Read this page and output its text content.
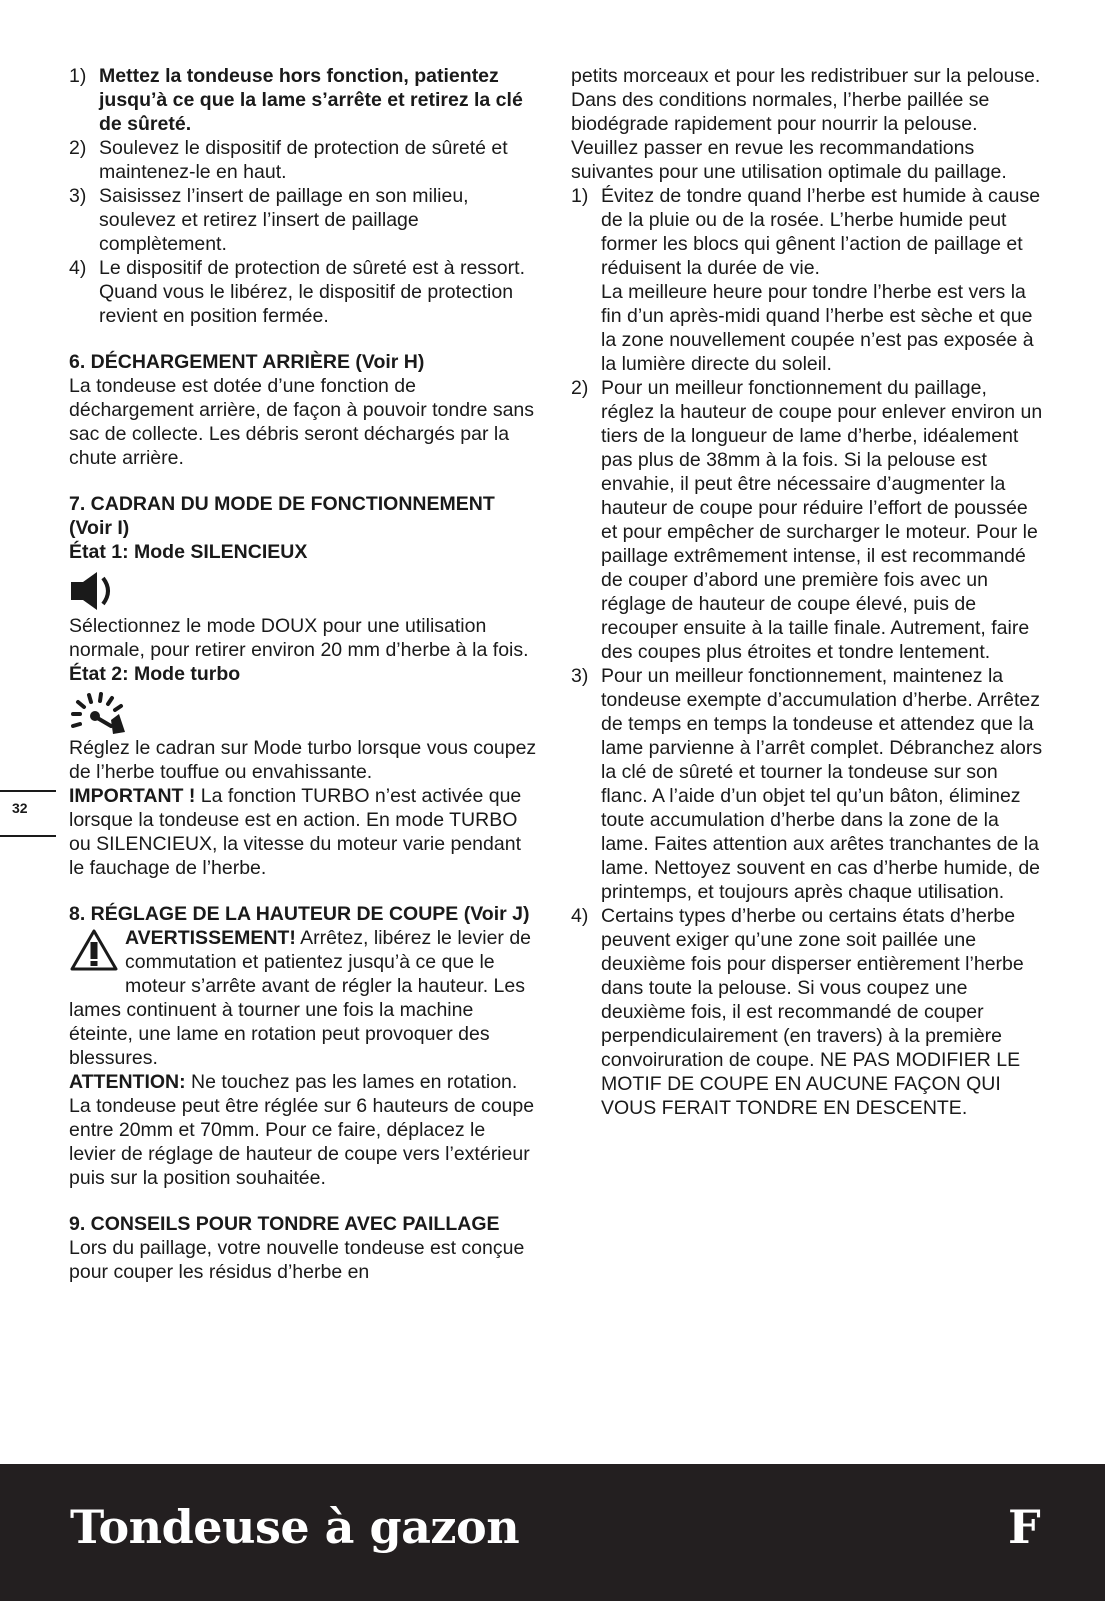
1) Mettez la tondeuse hors fonction, patientez jusqu’à ce que la lame s’arrête et retirez la clé de sûreté.
2) Soulevez le dispositif de protection de sûreté et maintenez-le en haut.
3) Saisissez l’insert de paillage en son milieu, soulevez et retirez l’insert de paillage complètement.
4) Le dispositif de protection de sûreté est à ressort. Quand vous le libérez, le dispositif de protection revient en position fermée.
6. DÉCHARGEMENT ARRIÈRE (Voir H)

La tondeuse est dotée d’une fonction de déchargement arrière, de façon à pouvoir tondre sans sac de collecte. Les débris seront déchargés par la chute arrière.

7. CADRAN DU MODE DE FONCTIONNEMENT (Voir I)
État 1: Mode SILENCIEUX

Sélectionnez le mode DOUX pour une utilisation normale, pour retirer environ 20 mm d’herbe à la fois.

État 2: Mode turbo

Réglez le cadran sur Mode turbo lorsque vous coupez de l’herbe touffue ou envahissante.

IMPORTANT ! La fonction TURBO n’est activée que lorsque la tondeuse est en action. En mode TURBO ou SILENCIEUX, la vitesse du moteur varie pendant le fauchage de l’herbe.

8. RÉGLAGE DE LA HAUTEUR DE COUPE (Voir J)

AVERTISSEMENT! Arrêtez, libérez le levier de commutation et patientez jusqu’à ce que le moteur s’arrête avant de régler la hauteur. Les lames continuent à tourner une fois la machine éteinte, une lame en rotation peut provoquer des blessures.

ATTENTION: Ne touchez pas les lames en rotation.

La tondeuse peut être réglée sur 6 hauteurs de coupe entre 20mm et 70mm. Pour ce faire, déplacez le levier de réglage de hauteur de coupe vers l’extérieur puis sur la position souhaitée.

9. CONSEILS POUR TONDRE AVEC PAILLAGE

Lors du paillage, votre nouvelle tondeuse est conçue pour couper les résidus d’herbe en

petits morceaux et pour les redistribuer sur la pelouse. Dans des conditions normales, l’herbe paillée se biodégrade rapidement pour nourrir la pelouse.

Veuillez passer en revue les recommandations suivantes pour une utilisation optimale du paillage.

1) Évitez de tondre quand l’herbe est humide à cause de la pluie ou de la rosée. L’herbe humide peut former les blocs qui gênent l’action de paillage et réduisent la durée de vie.
La meilleure heure pour tondre l’herbe est vers la fin d’un après-midi quand l’herbe est sèche et que la zone nouvellement coupée n’est pas exposée à la lumière directe du soleil.
2) Pour un meilleur fonctionnement du paillage, réglez la hauteur de coupe pour enlever environ un tiers de la longueur de lame d’herbe, idéalement pas plus de 38mm à la fois. Si la pelouse est envahie, il peut être nécessaire d’augmenter la hauteur de coupe pour réduire l’effort de poussée et pour empêcher de surcharger le moteur. Pour le paillage extrêmement intense, il est recommandé de couper d’abord une première fois avec un réglage de hauteur de coupe élevé, puis de recouper ensuite à la taille finale. Autrement, faire des coupes plus étroites et tondre lentement.
3) Pour un meilleur fonctionnement, maintenez la tondeuse exempte d’accumulation d’herbe. Arrêtez de temps en temps la tondeuse et attendez que la lame parvienne à l’arrêt complet. Débranchez alors la clé de sûreté et tourner la tondeuse sur son flanc. A l’aide d’un objet tel qu’un bâton, éliminez toute accumulation d’herbe dans la zone de la lame. Faites attention aux arêtes tranchantes de la lame. Nettoyez souvent en cas d’herbe humide, de printemps, et toujours après chaque utilisation.
4) Certains types d’herbe ou certains états d’herbe peuvent exiger qu’une zone soit paillée une deuxième fois pour disperser entièrement l’herbe dans toute la pelouse. Si vous coupez une deuxième fois, il est recommandé de couper perpendiculairement (en travers) à la première convoiruration de coupe. NE PAS MODIFIER LE MOTIF DE COUPE EN AUCUNE FAÇON QUI VOUS FERAIT TONDRE EN DESCENTE.
32
Tondeuse à gazon	F
